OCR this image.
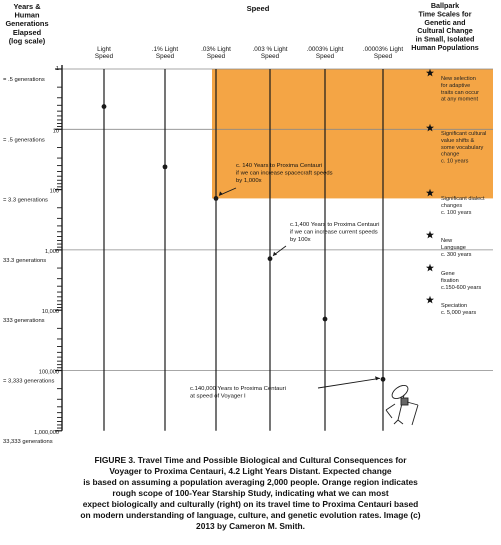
1
10
100
1,000
10,000
100,000
1,000,000
= .5 generations
= .5 generations
= 3.3 generations
33.3 generations
333 generations
= 3,333 generations
33,333 generations
Years &
Human
Generations
Elapsed
(log scale)
Speed	Ballpark
Time Scales for
Genetic and
Cultural Change
in Small, Isolated
Human Populations
Light
Speed
.1% Light
Speed
.03% Light
Speed
.003 % Light
Speed
.0003% Light
Speed
.00003% Light
Speed
c. 140 Years to Proxima Centauri
if we can increase spacecraft speeds
by 1,000x
c.1,400 Years to Proxima Centauri
if we can increase current speeds
by 100x
c.140,000 Years to Proxima Centauri
at speed of Voyager I
New selection
for adaptive
traits can occur
at any moment
Significant cultural
value shifts &
some vocabulary
change
c. 10 years
Significant dialect
changes
c. 100 years
New
Language
c. 300 years
Gene
fixation
c.150-600 years
Speciation
c. 5,000 years
FIGURE 3. Travel Time and Possible Biological and Cultural Consequences for
Voyager to Proxima Centauri, 4.2 Light Years Distant. Expected change
is based on assuming a population averaging 2,000 people. Orange region indicates
rough scope of 100-Year Starship Study, indicating what we can most
expect biologically and culturally (right) on its travel time to Proxima Centauri based
on modern understanding of language, culture, and genetic evolution rates. Image (c)
2013 by Cameron M. Smith.
